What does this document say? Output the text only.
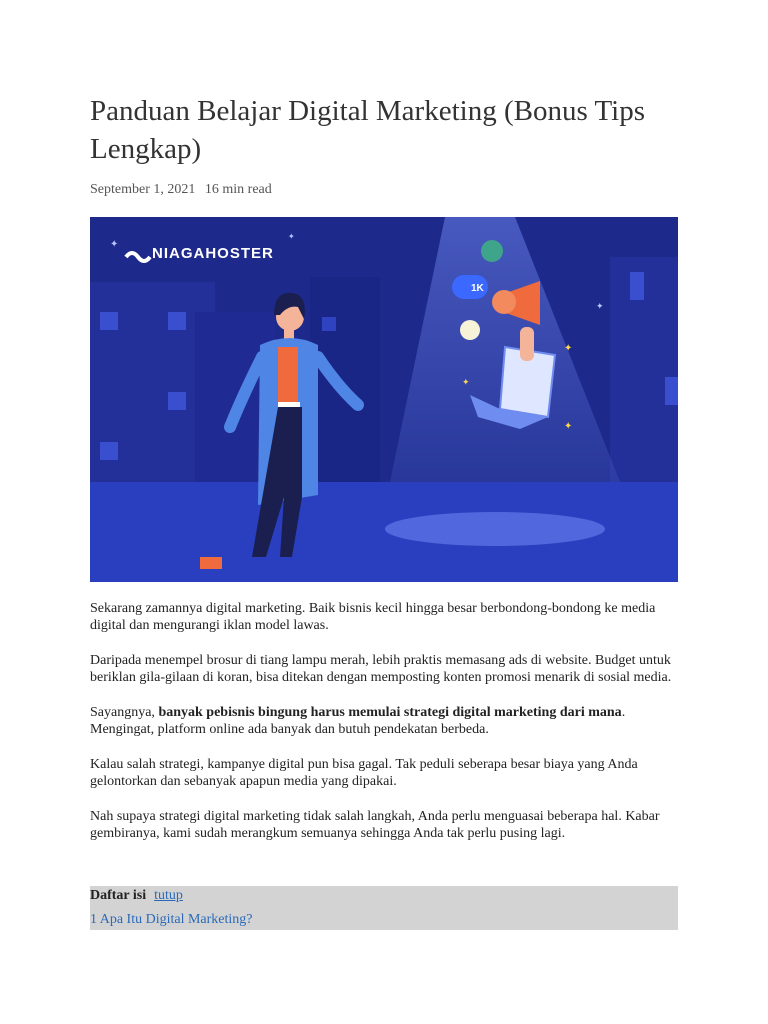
Panduan Belajar Digital Marketing (Bonus Tips Lengkap)
September 1, 2021 16 min read
NIAGAHOSTER
1K
✦
✦
✦
✦
✦
✦

Sekarang zamannya digital marketing. Baik bisnis kecil hingga besar berbondong-bondong ke media digital dan mengurangi iklan model lawas.

Daripada menempel brosur di tiang lampu merah, lebih praktis memasang ads di website. Budget untuk beriklan gila-gilaan di koran, bisa ditekan dengan memposting konten promosi menarik di sosial media.

Sayangnya, banyak pebisnis bingung harus memulai strategi digital marketing dari mana. Mengingat, platform online ada banyak dan butuh pendekatan berbeda.

Kalau salah strategi, kampanye digital pun bisa gagal. Tak peduli seberapa besar biaya yang Anda gelontorkan dan sebanyak apapun media yang dipakai.

Nah supaya strategi digital marketing tidak salah langkah, Anda perlu menguasai beberapa hal. Kabar gembiranya, kami sudah merangkum semuanya sehingga Anda tak perlu pusing lagi.

Daftar isi tutup
1 Apa Itu Digital Marketing?
